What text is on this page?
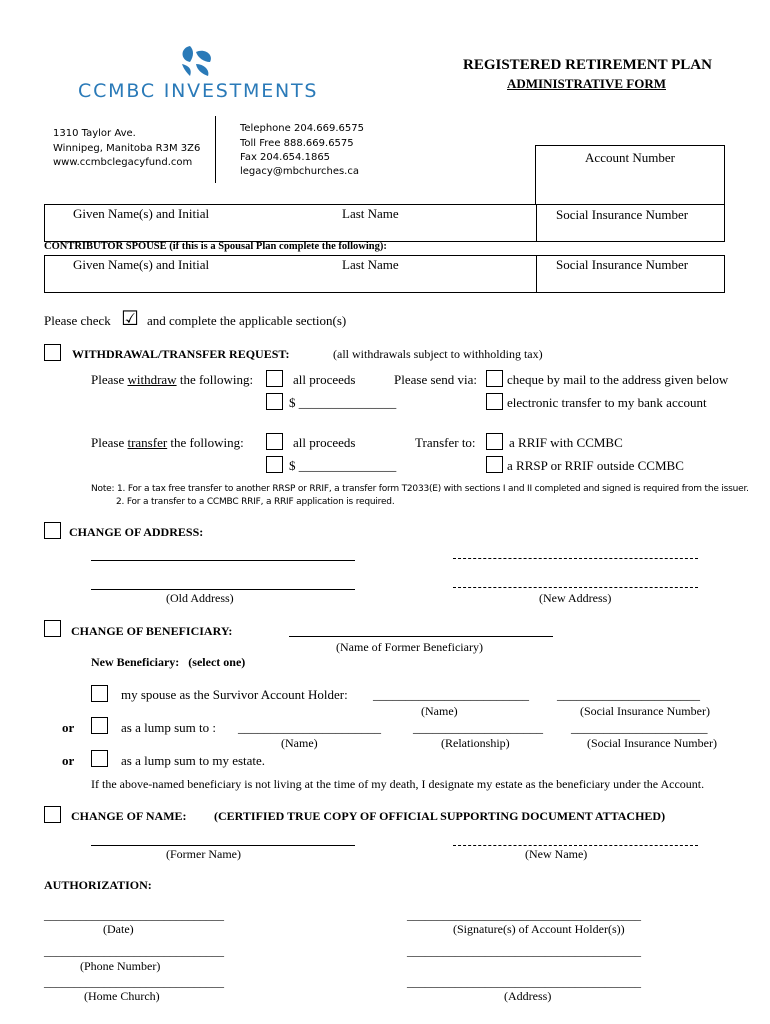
CCMBC INVESTMENTS
1310 Taylor Ave.
Winnipeg, Manitoba R3M 3Z6
www.ccmbclegacyfund.com
Telephone 204.669.6575
Toll Free 888.669.6575
Fax 204.654.1865
legacy@mbchurches.ca
REGISTERED RETIREMENT PLAN
ADMINISTRATIVE FORM
Account Number
Given Name(s) and Initial	Last Name	Social Insurance Number
CONTRIBUTOR SPOUSE (if this is a Spousal Plan complete the following):
Given Name(s) and Initial	Last Name	Social Insurance Number
Please check ☑ and complete the applicable section(s)
WITHDRAWAL/TRANSFER REQUEST:	(all withdrawals subject to withholding tax)
Please withdraw the following:	all proceeds
$ _______________
Please send via: cheque by mail to the address given below
electronic transfer to my bank account
Please transfer the following:	all proceeds
$ _______________
Transfer to:	a RRIF with CCMBC
a RRSP or RRIF outside CCMBC
Note: 1. For a tax free transfer to another RRSP or RRIF, a transfer form T2033(E) with sections I and II completed and signed is required from the issuer.
2. For a transfer to a CCMBC RRIF, a RRIF application is required.
CHANGE OF ADDRESS:
(Old Address)	(New Address)
CHANGE OF BENEFICIARY:
(Name of Former Beneficiary)
New Beneficiary:   (select one)
my spouse as the Survivor Account Holder: ________________________ ______________________
(Name)	(Social Insurance Number)
or	as a lump sum to : ______________________ ____________________ _____________________
(Name)	(Relationship)	(Social Insurance Number)
or	as a lump sum to my estate.
If the above-named beneficiary is not living at the time of my death, I designate my estate as the beneficiary under the Account.
CHANGE OF NAME: (CERTIFIED TRUE COPY OF OFFICIAL SUPPORTING DOCUMENT ATTACHED)
(Former Name)	(New Name)
AUTHORIZATION:
______________________________
(Date)
_______________________________________
(Signature(s) of Account Holder(s))
______________________________
(Phone Number)
_______________________________________
______________________________
(Home Church)
_______________________________________
(Address)
